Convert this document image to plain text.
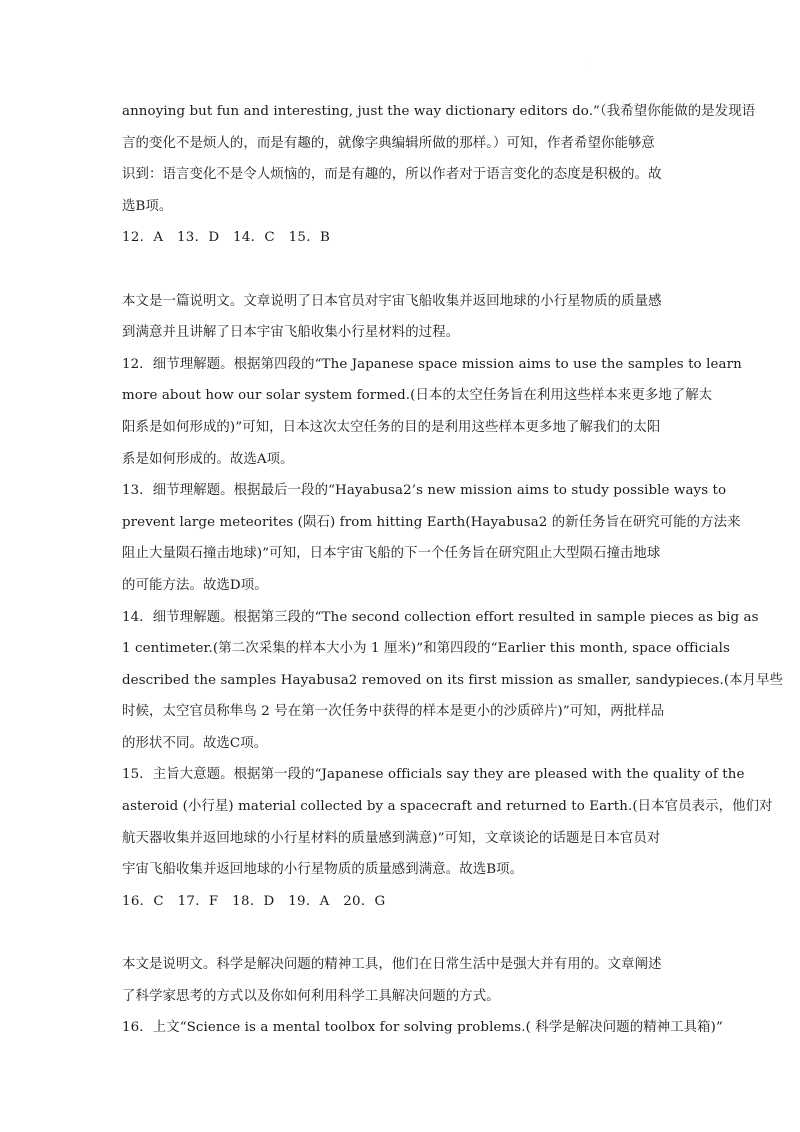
·
annoying but fun and interesting, just the way dictionary editors do.”（我希望你能做的是发现语
言的变化不是烦人的，而是有趣的，就像字典编辑所做的那样。）可知，作者希望你能够意
识到：语言变化不是令人烦恼的，而是有趣的，所以作者对于语言变化的态度是积极的。故
选B项。
12．A　13．D　14．C　15．B
本文是一篇说明文。文章说明了日本官员对宇宙飞船收集并返回地球的小行星物质的质量感
到满意并且讲解了日本宇宙飞船收集小行星材料的过程。
12．细节理解题。根据第四段的“The Japanese space mission aims to use the samples to learn
more about how our solar system formed.(日本的太空任务旨在利用这些样本来更多地了解太
阳系是如何形成的)”可知，日本这次太空任务的目的是利用这些样本更多地了解我们的太阳
系是如何形成的。故选A项。
13．细节理解题。根据最后一段的“Hayabusa2’s new mission aims to study possible ways to
prevent large meteorites (陨石) from hitting Earth(Hayabusa2 的新任务旨在研究可能的方法来
阻止大量陨石撞击地球)”可知，日本宇宙飞船的下一个任务旨在研究阻止大型陨石撞击地球
的可能方法。故选D项。
14．细节理解题。根据第三段的“The second collection effort resulted in sample pieces as big as
1 centimeter.(第二次采集的样本大小为 1 厘米)”和第四段的“Earlier this month, space officials
described the samples Hayabusa2 removed on its first mission as smaller, sandypieces.(本月早些
时候，太空官员称隼鸟 2 号在第一次任务中获得的样本是更小的沙质碎片)”可知，两批样品
的形状不同。故选C项。
15．主旨大意题。根据第一段的“Japanese officials say they are pleased with the quality of the
asteroid (小行星) material collected by a spacecraft and returned to Earth.(日本官员表示，他们对
航天器收集并返回地球的小行星材料的质量感到满意)”可知，文章谈论的话题是日本官员对
宇宙飞船收集并返回地球的小行星物质的质量感到满意。故选B项。
16．C　17．F　18．D　19．A　20．G
本文是说明文。科学是解决问题的精神工具，他们在日常生活中是强大并有用的。文章阐述
了科学家思考的方式以及你如何利用科学工具解决问题的方式。
16．上文“Science is a mental toolbox for solving problems.( 科学是解决问题的精神工具箱)”
